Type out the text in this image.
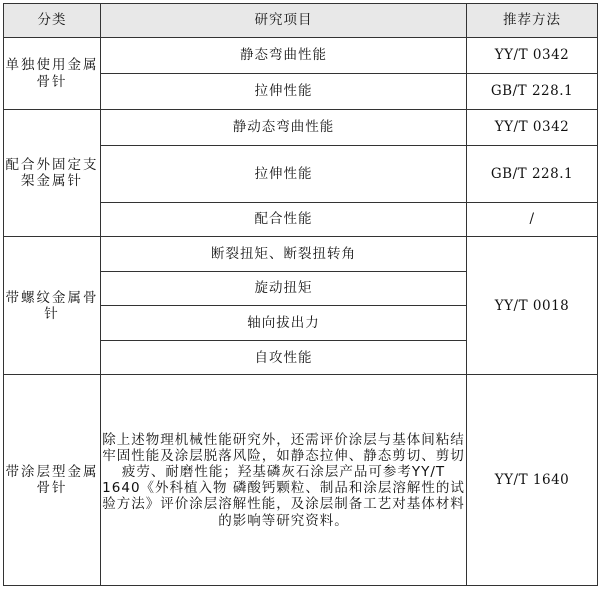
分类	研究项目	推荐方法
单独使用金属骨针	静态弯曲性能	YY/T 0342
	拉伸性能	GB/T 228.1
配合外固定支架金属针	静动态弯曲性能	YY/T 0342
	拉伸性能	GB/T 228.1
	配合性能	/
带螺纹金属骨针	断裂扭矩、断裂扭转角	YY/T 0018
	旋动扭矩	
	轴向拔出力	
	自攻性能	
带涂层型金属骨针	除上述物理机械性能研究外，还需评价涂层与基体间粘结牢固性能及涂层脱落风险，如静态拉伸、静态剪切、剪切疲劳、耐磨性能；羟基磷灰石涂层产品可参考YY/T 1640《外科植入物 磷酸钙颗粒、制品和涂层溶解性的试验方法》评价涂层溶解性能，及涂层制备工艺对基体材料的影响等研究资料。	YY/T 1640
